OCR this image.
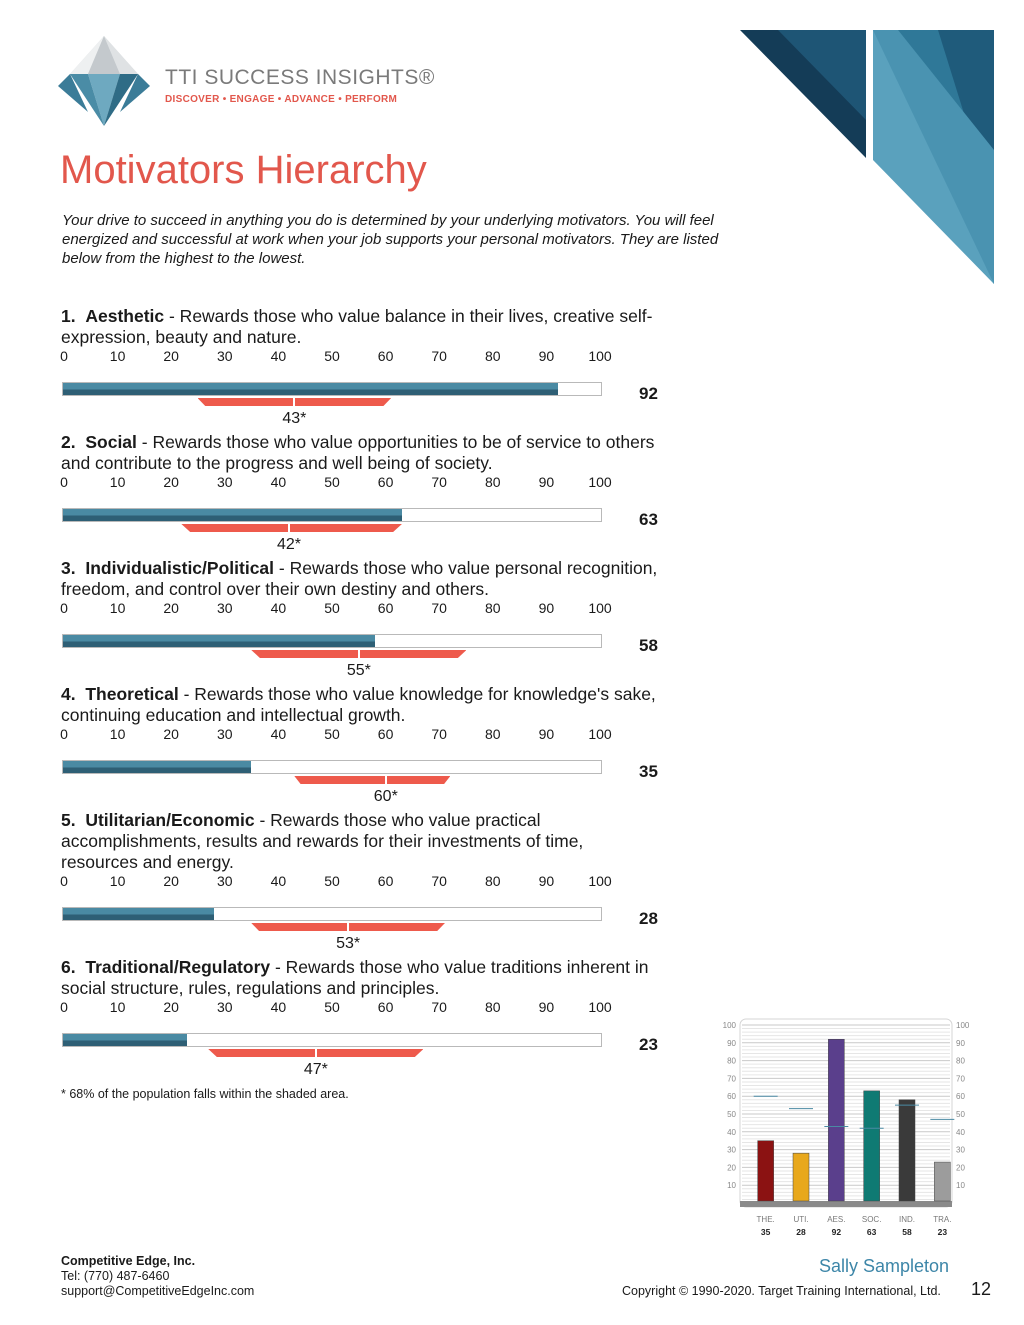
TTI SUCCESS INSIGHTS®
DISCOVER • ENGAGE • ADVANCE • PERFORM
Motivators Hierarchy
Your drive to succeed in anything you do is determined by your underlying motivators. You will feel energized and successful at work when your job supports your personal motivators. They are listed below from the highest to the lowest.
1. Aesthetic - Rewards those who value balance in their lives, creative self-expression, beauty and nature.
0	10	20	30	40	50	60	70	80	90 100
43*
92
2. Social - Rewards those who value opportunities to be of service to others and contribute to the progress and well being of society.
0	10	20	30	40	50	60	70	80	90 100
42*
63
3. Individualistic/Political - Rewards those who value personal recognition, freedom, and control over their own destiny and others.
0	10	20	30	40	50	60	70	80	90 100
55*
58
4. Theoretical - Rewards those who value knowledge for knowledge's sake, continuing education and intellectual growth.
0	10	20	30	40	50	60	70	80	90 100
60*
35
5. Utilitarian/Economic - Rewards those who value practical accomplishments, results and rewards for their investments of time, resources and energy.
0	10	20	30	40	50	60	70	80	90 100
53*
28
6. Traditional/Regulatory - Rewards those who value traditions inherent in social structure, rules, regulations and principles.
0	10	20	30	40	50	60	70	80	90 100
47*
23
* 68% of the population falls within the shaded area.
10	10
20	20
30	30
40	40
50	50
60	60
70	70
80	80
90	90
100	100
THE.
35
UTI.
28
AES.
92
SOC.
63
IND.
58
TRA.
23
Competitive Edge, Inc.
Tel: (770) 487-6460
support@CompetitiveEdgeInc.com
Sally Sampleton
Copyright © 1990-2020. Target Training International, Ltd. 12
